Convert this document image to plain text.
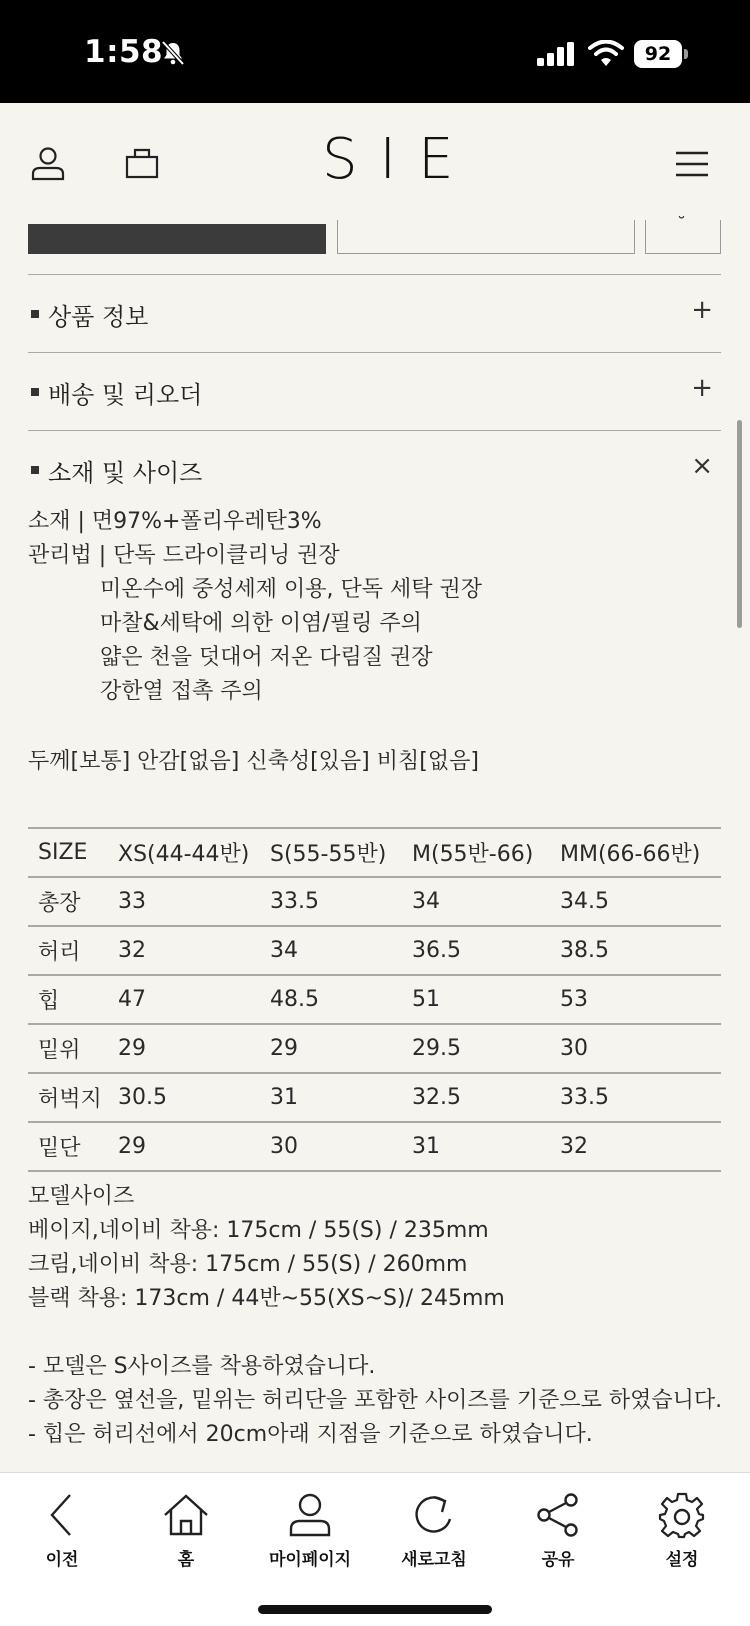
1:58	92
SIE
˘
상품 정보	+
배송 및 리오더	+
소재 및 사이즈	×

소재 | 면97%+폴리우레탄3%

관리법 | 단독 드라이클리닝 권장

미온수에 중성세제 이용, 단독 세탁 권장

마찰&세탁에 의한 이염/필링 주의

얇은 천을 덧대어 저온 다림질 권장

강한열 접촉 주의

두께[보통] 안감[없음] 신축성[있음] 비침[없음]

SIZE	XS(44-44반)	S(55-55반)	M(55반-66)	MM(66-66반)
총장	33	33.5	34	34.5
허리	32	34	36.5	38.5
힙	47	48.5	51	53
밑위	29	29	29.5	30
허벅지	30.5	31	32.5	33.5
밑단	29	30	31	32

모델사이즈

베이지,네이비 착용: 175cm / 55(S) / 235mm

크림,네이비 착용: 175cm / 55(S) / 260mm

블랙 착용: 173cm / 44반~55(XS~S)/ 245mm

- 모델은 S사이즈를 착용하였습니다.

- 총장은 옆선을, 밑위는 허리단을 포함한 사이즈를 기준으로 하였습니다.

- 힙은 허리선에서 20cm아래 지점을 기준으로 하였습니다.

이전	홈	마이페이지	새로고침	공유	설정
